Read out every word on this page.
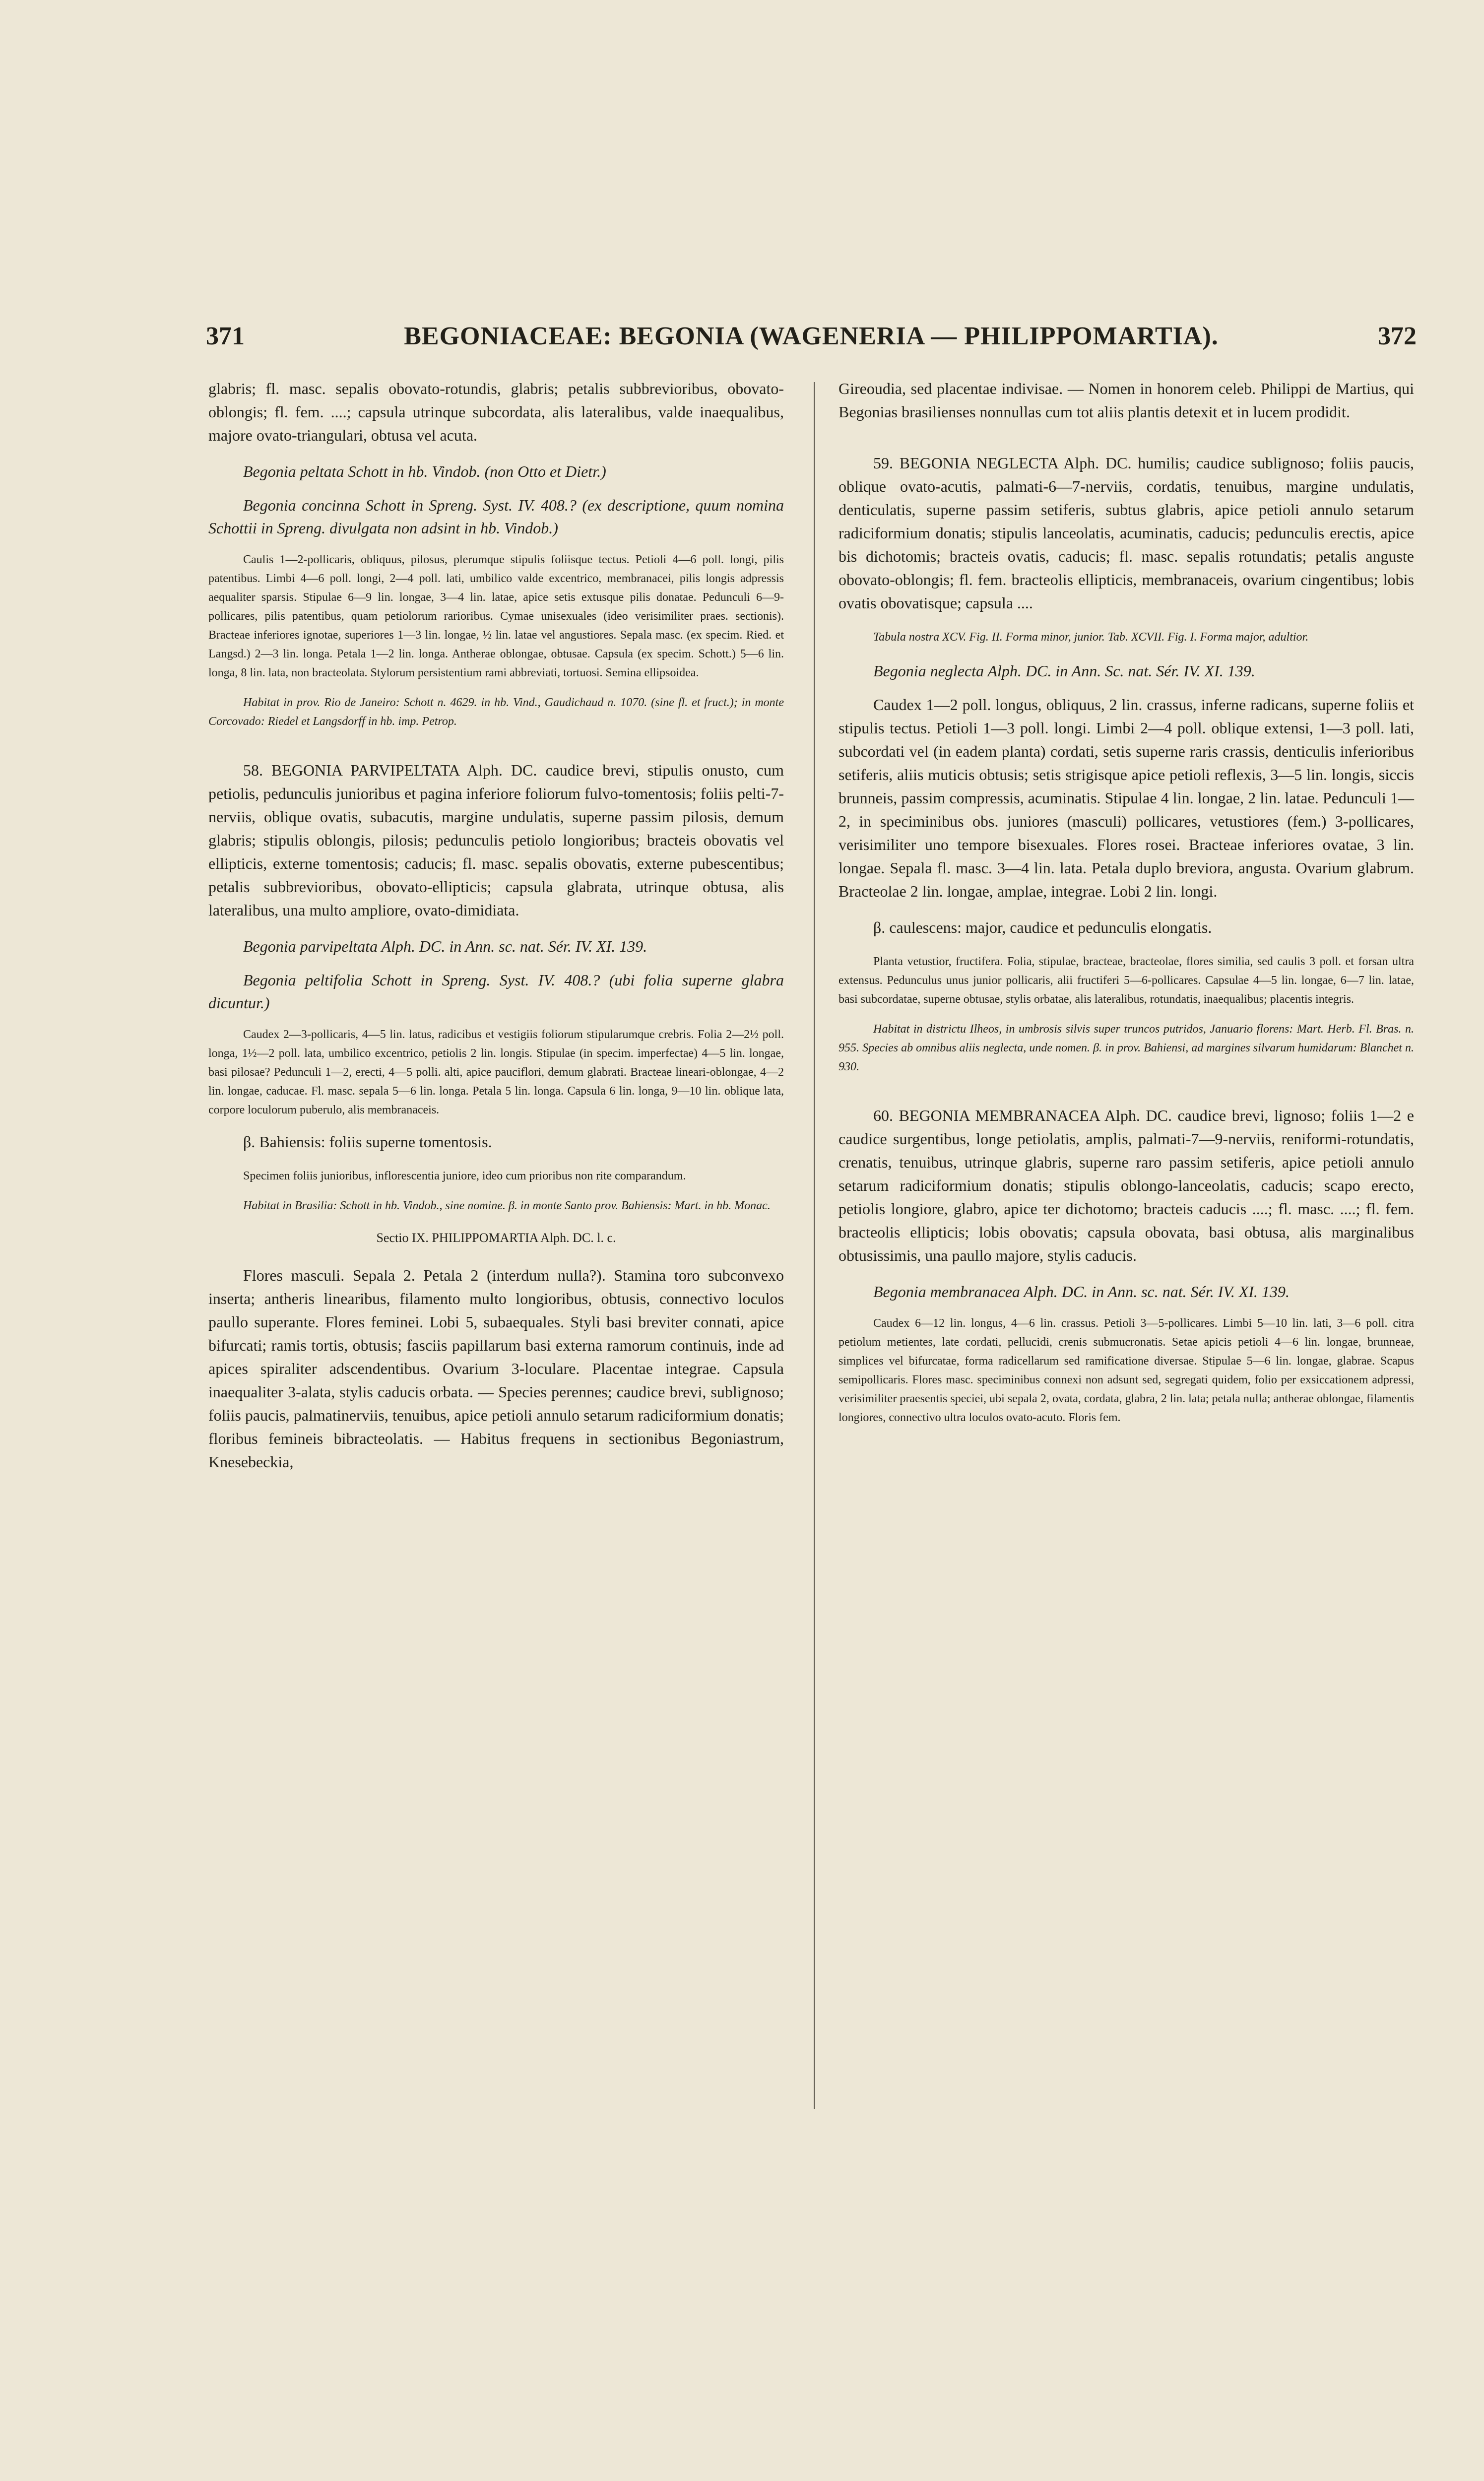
371	BEGONIACEAE: BEGONIA (WAGENERIA — PHILIPPOMARTIA).	372

glabris; fl. masc. sepalis obovato-rotundis, glabris; petalis subbrevioribus, obovato-oblongis; fl. fem. ....; capsula utrinque subcordata, alis lateralibus, valde inaequalibus, majore ovato-triangulari, obtusa vel acuta.

Begonia peltata Schott in hb. Vindob. (non Otto et Dietr.)

Begonia concinna Schott in Spreng. Syst. IV. 408.? (ex descriptione, quum nomina Schottii in Spreng. divulgata non adsint in hb. Vindob.)

Caulis 1—2-pollicaris, obliquus, pilosus, plerumque stipulis foliisque tectus. Petioli 4—6 poll. longi, pilis patentibus. Limbi 4—6 poll. longi, 2—4 poll. lati, umbilico valde excentrico, membranacei, pilis longis adpressis aequaliter sparsis. Stipulae 6—9 lin. longae, 3—4 lin. latae, apice setis extusque pilis donatae. Pedunculi 6—9-pollicares, pilis patentibus, quam petiolorum rarioribus. Cymae unisexuales (ideo verisimiliter praes. sectionis). Bracteae inferiores ignotae, superiores 1—3 lin. longae, ½ lin. latae vel angustiores. Sepala masc. (ex specim. Ried. et Langsd.) 2—3 lin. longa. Petala 1—2 lin. longa. Antherae oblongae, obtusae. Capsula (ex specim. Schott.) 5—6 lin. longa, 8 lin. lata, non bracteolata. Stylorum persistentium rami abbreviati, tortuosi. Semina ellipsoidea.

Habitat in prov. Rio de Janeiro: Schott n. 4629. in hb. Vind., Gaudichaud n. 1070. (sine fl. et fruct.); in monte Corcovado: Riedel et Langsdorff in hb. imp. Petrop.

58. BEGONIA PARVIPELTATA Alph. DC. caudice brevi, stipulis onusto, cum petiolis, pedunculis junioribus et pagina inferiore foliorum fulvo-tomentosis; foliis pelti-7-nerviis, oblique ovatis, subacutis, margine undulatis, superne passim pilosis, demum glabris; stipulis oblongis, pilosis; pedunculis petiolo longioribus; bracteis obovatis vel ellipticis, externe tomentosis; caducis; fl. masc. sepalis obovatis, externe pubescentibus; petalis subbrevioribus, obovato-ellipticis; capsula glabrata, utrinque obtusa, alis lateralibus, una multo ampliore, ovato-dimidiata.

Begonia parvipeltata Alph. DC. in Ann. sc. nat. Sér. IV. XI. 139.

Begonia peltifolia Schott in Spreng. Syst. IV. 408.? (ubi folia superne glabra dicuntur.)

Caudex 2—3-pollicaris, 4—5 lin. latus, radicibus et vestigiis foliorum stipularumque crebris. Folia 2—2½ poll. longa, 1½—2 poll. lata, umbilico excentrico, petiolis 2 lin. longis. Stipulae (in specim. imperfectae) 4—5 lin. longae, basi pilosae? Pedunculi 1—2, erecti, 4—5 polli. alti, apice pauciflori, demum glabrati. Bracteae lineari-oblongae, 4—2 lin. longae, caducae. Fl. masc. sepala 5—6 lin. longa. Petala 5 lin. longa. Capsula 6 lin. longa, 9—10 lin. oblique lata, corpore loculorum puberulo, alis membranaceis.

β. Bahiensis: foliis superne tomentosis.

Specimen foliis junioribus, inflorescentia juniore, ideo cum prioribus non rite comparandum.

Habitat in Brasilia: Schott in hb. Vindob., sine nomine. β. in monte Santo prov. Bahiensis: Mart. in hb. Monac.

Sectio IX. PHILIPPOMARTIA Alph. DC. l. c.

Flores masculi. Sepala 2. Petala 2 (interdum nulla?). Stamina toro subconvexo inserta; antheris linearibus, filamento multo longioribus, obtusis, connectivo loculos paullo superante. Flores feminei. Lobi 5, subaequales. Styli basi breviter connati, apice bifurcati; ramis tortis, obtusis; fasciis papillarum basi externa ramorum continuis, inde ad apices spiraliter adscendentibus. Ovarium 3-loculare. Placentae integrae. Capsula inaequaliter 3-alata, stylis caducis orbata. — Species perennes; caudice brevi, sublignoso; foliis paucis, palmatinerviis, tenuibus, apice petioli annulo setarum radiciformium donatis; floribus femineis bibracteolatis. — Habitus frequens in sectionibus Begoniastrum, Knesebeckia,

Gireoudia, sed placentae indivisae. — Nomen in honorem celeb. Philippi de Martius, qui Begonias brasilienses nonnullas cum tot aliis plantis detexit et in lucem prodidit.

59. BEGONIA NEGLECTA Alph. DC. humilis; caudice sublignoso; foliis paucis, oblique ovato-acutis, palmati-6—7-nerviis, cordatis, tenuibus, margine undulatis, denticulatis, superne passim setiferis, subtus glabris, apice petioli annulo setarum radiciformium donatis; stipulis lanceolatis, acuminatis, caducis; pedunculis erectis, apice bis dichotomis; bracteis ovatis, caducis; fl. masc. sepalis rotundatis; petalis anguste obovato-oblongis; fl. fem. bracteolis ellipticis, membranaceis, ovarium cingentibus; lobis ovatis obovatisque; capsula ....

Tabula nostra XCV. Fig. II. Forma minor, junior. Tab. XCVII. Fig. I. Forma major, adultior.

Begonia neglecta Alph. DC. in Ann. Sc. nat. Sér. IV. XI. 139.

Caudex 1—2 poll. longus, obliquus, 2 lin. crassus, inferne radicans, superne foliis et stipulis tectus. Petioli 1—3 poll. longi. Limbi 2—4 poll. oblique extensi, 1—3 poll. lati, subcordati vel (in eadem planta) cordati, setis superne raris crassis, denticulis inferioribus setiferis, aliis muticis obtusis; setis strigisque apice petioli reflexis, 3—5 lin. longis, siccis brunneis, passim compressis, acuminatis. Stipulae 4 lin. longae, 2 lin. latae. Pedunculi 1—2, in speciminibus obs. juniores (masculi) pollicares, vetustiores (fem.) 3-pollicares, verisimiliter uno tempore bisexuales. Flores rosei. Bracteae inferiores ovatae, 3 lin. longae. Sepala fl. masc. 3—4 lin. lata. Petala duplo breviora, angusta. Ovarium glabrum. Bracteolae 2 lin. longae, amplae, integrae. Lobi 2 lin. longi.

β. caulescens: major, caudice et pedunculis elongatis.

Planta vetustior, fructifera. Folia, stipulae, bracteae, bracteolae, flores similia, sed caulis 3 poll. et forsan ultra extensus. Pedunculus unus junior pollicaris, alii fructiferi 5—6-pollicares. Capsulae 4—5 lin. longae, 6—7 lin. latae, basi subcordatae, superne obtusae, stylis orbatae, alis lateralibus, rotundatis, inaequalibus; placentis integris.

Habitat in districtu Ilheos, in umbrosis silvis super truncos putridos, Januario florens: Mart. Herb. Fl. Bras. n. 955. Species ab omnibus aliis neglecta, unde nomen. β. in prov. Bahiensi, ad margines silvarum humidarum: Blanchet n. 930.

60. BEGONIA MEMBRANACEA Alph. DC. caudice brevi, lignoso; foliis 1—2 e caudice surgentibus, longe petiolatis, amplis, palmati-7—9-nerviis, reniformi-rotundatis, crenatis, tenuibus, utrinque glabris, superne raro passim setiferis, apice petioli annulo setarum radiciformium donatis; stipulis oblongo-lanceolatis, caducis; scapo erecto, petiolis longiore, glabro, apice ter dichotomo; bracteis caducis ....; fl. masc. ....; fl. fem. bracteolis ellipticis; lobis obovatis; capsula obovata, basi obtusa, alis marginalibus obtusissimis, una paullo majore, stylis caducis.

Begonia membranacea Alph. DC. in Ann. sc. nat. Sér. IV. XI. 139.

Caudex 6—12 lin. longus, 4—6 lin. crassus. Petioli 3—5-pollicares. Limbi 5—10 lin. lati, 3—6 poll. citra petiolum metientes, late cordati, pellucidi, crenis submucronatis. Setae apicis petioli 4—6 lin. longae, brunneae, simplices vel bifurcatae, forma radicellarum sed ramificatione diversae. Stipulae 5—6 lin. longae, glabrae. Scapus semipollicaris. Flores masc. speciminibus connexi non adsunt sed, segregati quidem, folio per exsiccationem adpressi, verisimiliter praesentis speciei, ubi sepala 2, ovata, cordata, glabra, 2 lin. lata; petala nulla; antherae oblongae, filamentis longiores, connectivo ultra loculos ovato-acuto. Floris fem.
